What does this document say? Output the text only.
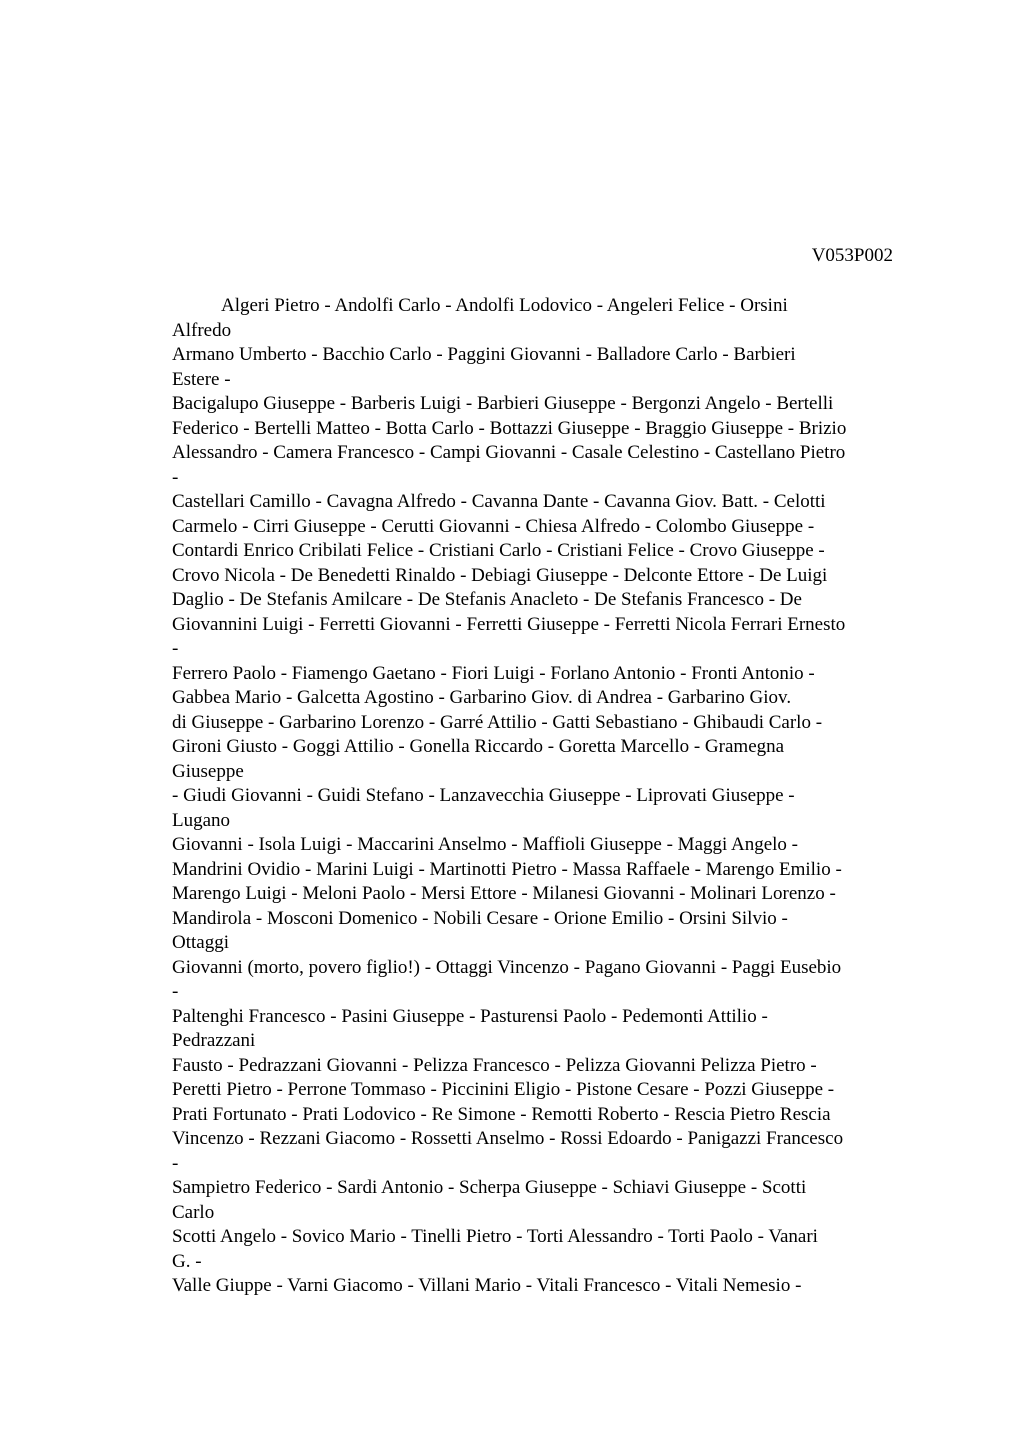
V053P002
Algeri Pietro - Andolfi Carlo - Andolfi Lodovico - Angeleri Felice - Orsini
Alfredo
Armano Umberto - Bacchio Carlo - Paggini Giovanni - Balladore Carlo - Barbieri
Estere -
Bacigalupo Giuseppe - Barberis Luigi - Barbieri Giuseppe - Bergonzi Angelo - Bertelli
Federico - Bertelli Matteo - Botta Carlo - Bottazzi Giuseppe - Braggio Giuseppe - Brizio
Alessandro - Camera Francesco - Campi Giovanni - Casale Celestino - Castellano Pietro
-
Castellari Camillo - Cavagna Alfredo - Cavanna Dante - Cavanna Giov. Batt. - Celotti
Carmelo - Cirri Giuseppe - Cerutti Giovanni - Chiesa Alfredo - Colombo Giuseppe -
Contardi Enrico Cribilati Felice - Cristiani Carlo - Cristiani Felice - Crovo Giuseppe -
Crovo Nicola - De Benedetti Rinaldo - Debiagi Giuseppe - Delconte Ettore - De Luigi
Daglio - De Stefanis Amilcare - De Stefanis Anacleto - De Stefanis Francesco - De
Giovannini Luigi - Ferretti Giovanni - Ferretti Giuseppe - Ferretti Nicola Ferrari Ernesto
-
Ferrero Paolo - Fiamengo Gaetano - Fiori Luigi - Forlano Antonio - Fronti Antonio -
Gabbea Mario - Galcetta Agostino - Garbarino Giov. di Andrea - Garbarino Giov.
di Giuseppe - Garbarino Lorenzo - Garré Attilio - Gatti Sebastiano - Ghibaudi Carlo -
Gironi Giusto - Goggi Attilio - Gonella Riccardo - Goretta Marcello - Gramegna
Giuseppe
- Giudi Giovanni - Guidi Stefano - Lanzavecchia Giuseppe - Liprovati Giuseppe -
Lugano
Giovanni - Isola Luigi - Maccarini Anselmo - Maffioli Giuseppe - Maggi Angelo -
Mandrini Ovidio - Marini Luigi - Martinotti Pietro - Massa Raffaele - Marengo Emilio -
Marengo Luigi - Meloni Paolo - Mersi Ettore - Milanesi Giovanni - Molinari Lorenzo -
Mandirola - Mosconi Domenico - Nobili Cesare - Orione Emilio - Orsini Silvio -
Ottaggi
Giovanni (morto, povero figlio!) - Ottaggi Vincenzo - Pagano Giovanni - Paggi Eusebio
-
Paltenghi Francesco - Pasini Giuseppe - Pasturensi Paolo - Pedemonti Attilio -
Pedrazzani
Fausto - Pedrazzani Giovanni - Pelizza Francesco - Pelizza Giovanni Pelizza Pietro -
Peretti Pietro - Perrone Tommaso - Piccinini Eligio - Pistone Cesare - Pozzi Giuseppe -
Prati Fortunato - Prati Lodovico - Re Simone - Remotti Roberto - Rescia Pietro Rescia
Vincenzo - Rezzani Giacomo - Rossetti Anselmo - Rossi Edoardo - Panigazzi Francesco
-
Sampietro Federico - Sardi Antonio - Scherpa Giuseppe - Schiavi Giuseppe - Scotti
Carlo
Scotti Angelo - Sovico Mario - Tinelli Pietro - Torti Alessandro - Torti Paolo - Vanari
G. -
Valle Giuppe - Varni Giacomo - Villani Mario - Vitali Francesco - Vitali Nemesio -
